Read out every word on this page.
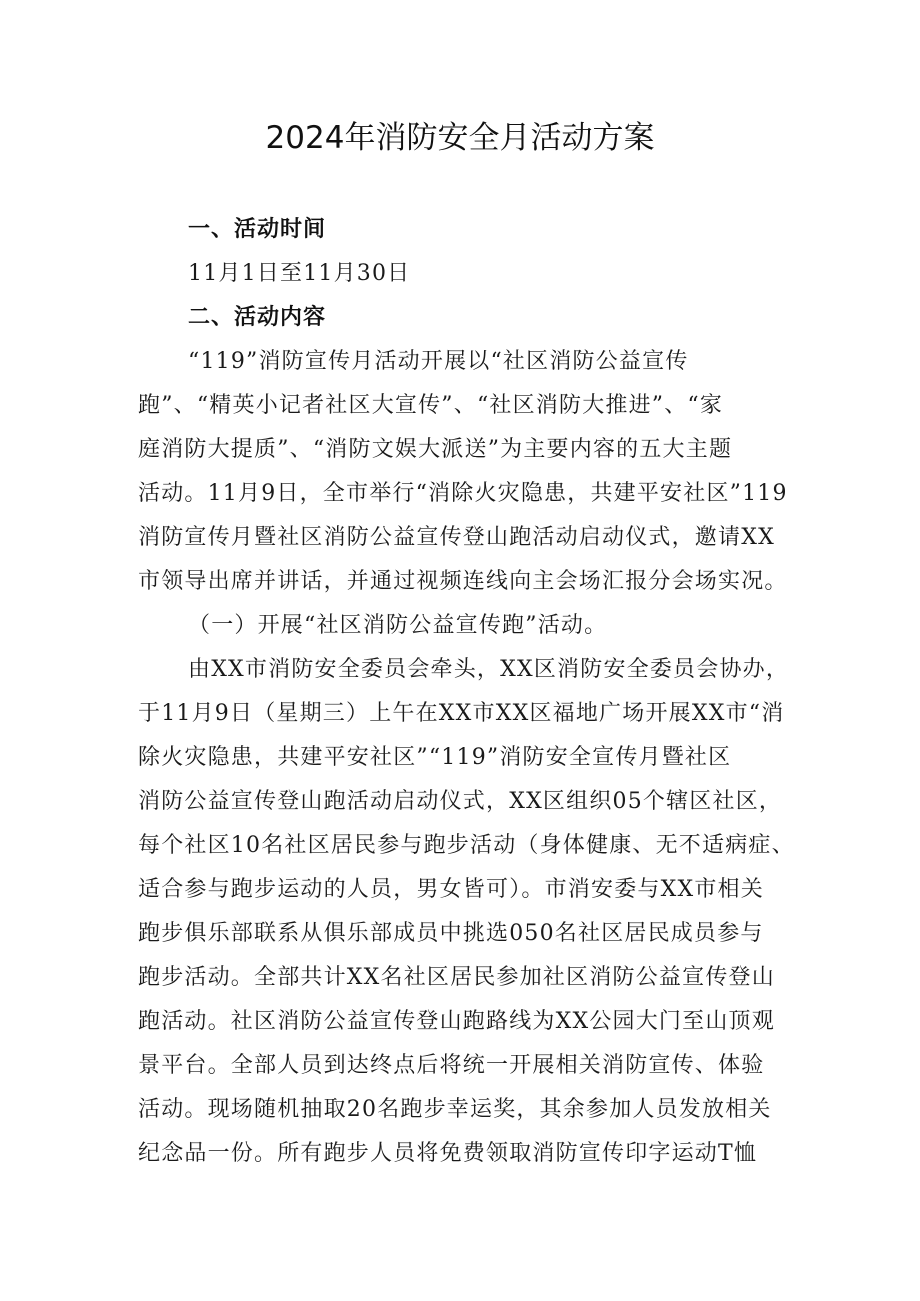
2024年消防安全月活动方案
一、活动时间

11月1日至11月30日

二、活动内容

“119”消防宣传月活动开展以“社区消防公益宣传

跑”、“精英小记者社区大宣传”、“社区消防大推进”、“家

庭消防大提质”、“消防文娱大派送”为主要内容的五大主题

活动。11月9日，全市举行“消除火灾隐患，共建平安社区”119

消防宣传月暨社区消防公益宣传登山跑活动启动仪式，邀请XX

市领导出席并讲话，并通过视频连线向主会场汇报分会场实况。

（一）开展“社区消防公益宣传跑”活动。

由XX市消防安全委员会牵头，XX区消防安全委员会协办，

于11月9日（星期三）上午在XX市XX区福地广场开展XX市“消

除火灾隐患，共建平安社区”“119”消防安全宣传月暨社区

消防公益宣传登山跑活动启动仪式，XX区组织05个辖区社区，

每个社区10名社区居民参与跑步活动（身体健康、无不适病症、

适合参与跑步运动的人员，男女皆可）。市消安委与XX市相关

跑步俱乐部联系从俱乐部成员中挑选050名社区居民成员参与

跑步活动。全部共计XX名社区居民参加社区消防公益宣传登山

跑活动。社区消防公益宣传登山跑路线为XX公园大门至山顶观

景平台。全部人员到达终点后将统一开展相关消防宣传、体验

活动。现场随机抽取20名跑步幸运奖，其余参加人员发放相关

纪念品一份。所有跑步人员将免费领取消防宣传印字运动T恤
